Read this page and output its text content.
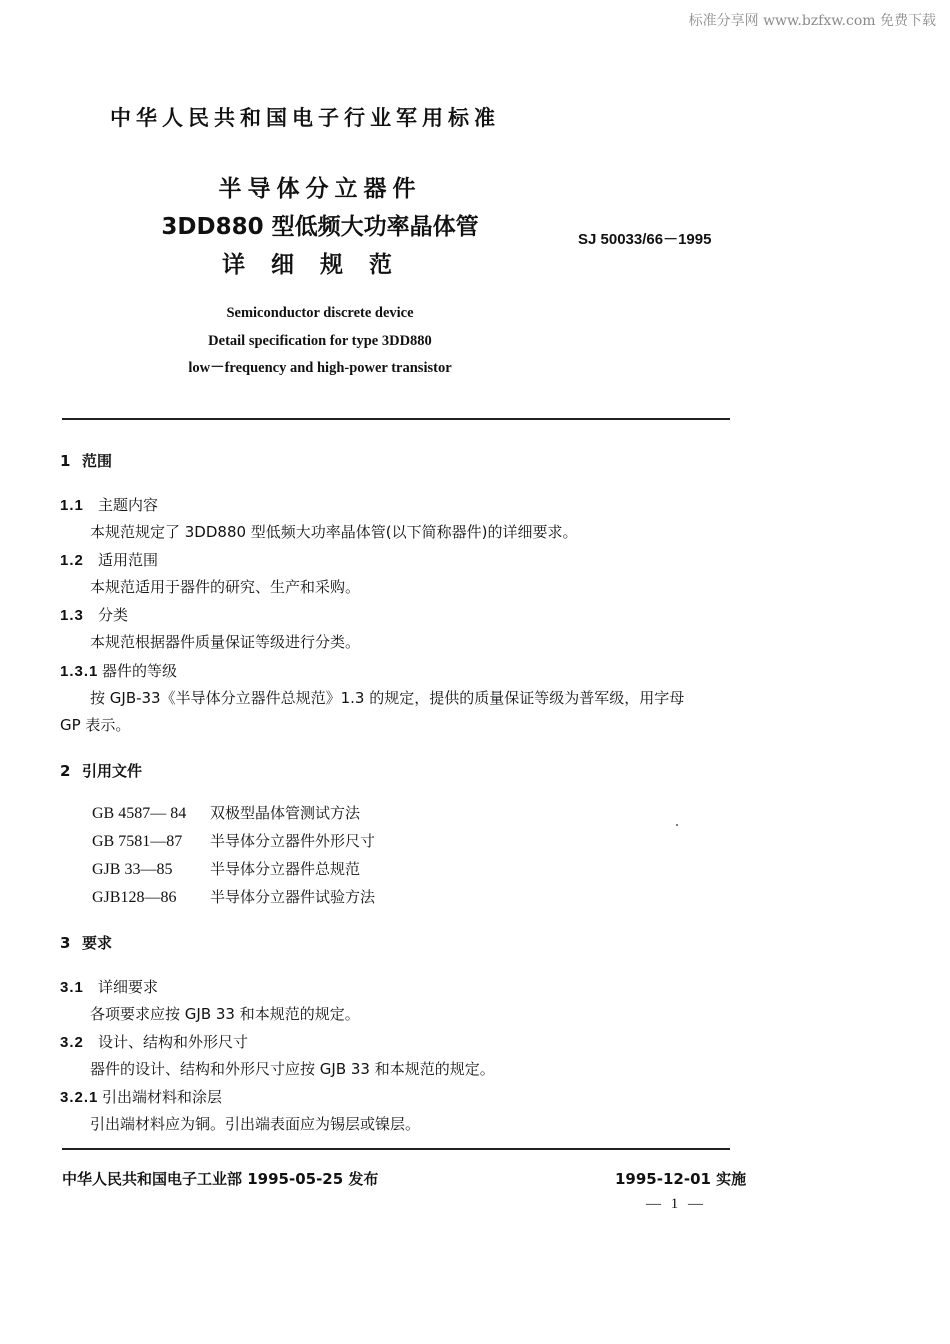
标准分享网 www.bzfxw.com 免费下载
中华人民共和国电子行业军用标准
半导体分立器件
3DD880 型低频大功率晶体管
详细规范
SJ 50033/66－1995
Semiconductor discrete device
Detail specification for type 3DD880
low－frequency and high-power transistor
1 范围
1.1 主题内容
本规范规定了 3DD880 型低频大功率晶体管(以下简称器件)的详细要求。
1.2 适用范围
本规范适用于器件的研究、生产和采购。
1.3 分类
本规范根据器件质量保证等级进行分类。
1.3.1 器件的等级
按 GJB-33《半导体分立器件总规范》1.3 的规定，提供的质量保证等级为普军级，用字母
GP 表示。
2 引用文件
GB 4587— 84 双极型晶体管测试方法
GB 7581—87 半导体分立器件外形尺寸
GJB 33—85	半导体分立器件总规范
GJB128—86 半导体分立器件试验方法
3 要求
3.1 详细要求
各项要求应按 GJB 33 和本规范的规定。
3.2 设计、结构和外形尺寸
器件的设计、结构和外形尺寸应按 GJB 33 和本规范的规定。
3.2.1 引出端材料和涂层
引出端材料应为铜。引出端表面应为锡层或镍层。
中华人民共和国电子工业部 1995-05-25 发布	1995-12-01 实施
— 1 —
